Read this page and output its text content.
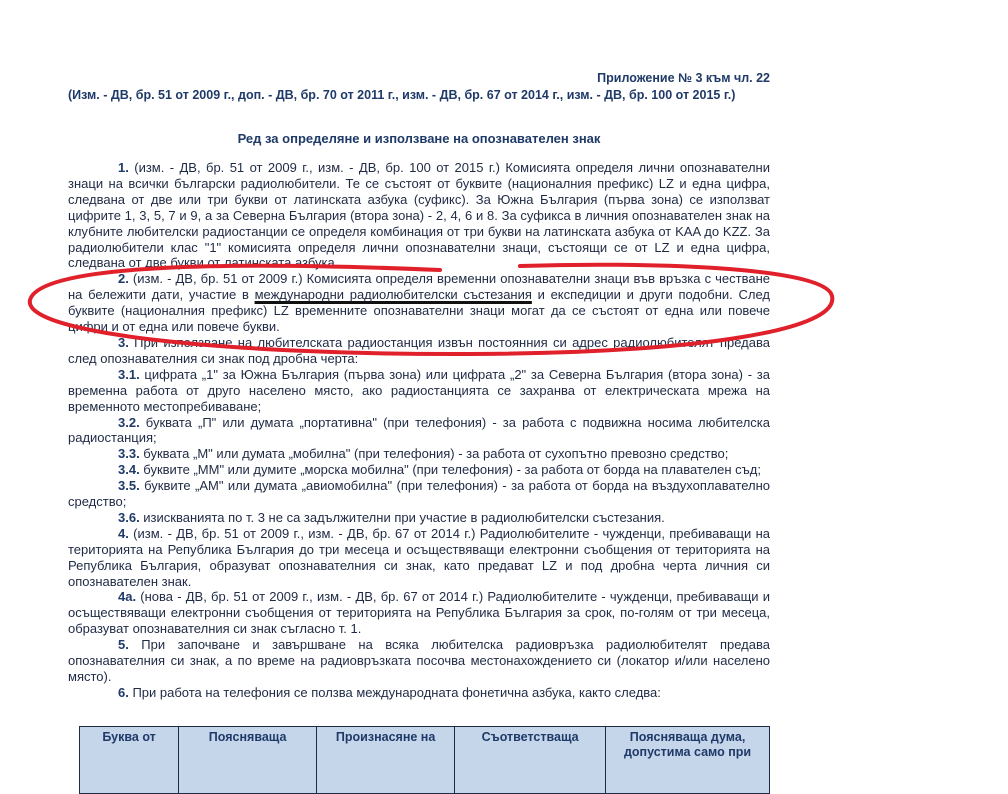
Приложение № 3 към чл. 22
(Изм. - ДВ, бр. 51 от 2009 г., доп. - ДВ, бр. 70 от 2011 г., изм. - ДВ, бр. 67 от 2014 г., изм. - ДВ, бр. 100 от 2015 г.)
Ред за определяне и използване на опознавателен знак

1. (изм. - ДВ, бр. 51 от 2009 г., изм. - ДВ, бр. 100 от 2015 г.) Комисията определя лични опознавателни знаци на всички български радиолюбители. Те се състоят от буквите (националния префикс) LZ и една цифра, следвана от две или три букви от латинската азбука (суфикс). За Южна България (първа зона) се използват цифрите 1, 3, 5, 7 и 9, а за Северна България (втора зона) - 2, 4, 6 и 8. За суфикса в личния опознавателен знак на клубните любителски радиостанции се определя комбинация от три букви на латинската азбука от KAA до KZZ. За радиолюбители клас "1" комисията определя лични опознавателни знаци, състоящи се от LZ и една цифра, следвана от две букви от латинската азбука.

2. (изм. - ДВ, бр. 51 от 2009 г.) Комисията определя временни опознавателни знаци във връзка с честване на бележити дати, участие в международни радиолюбителски състезания и експедиции и други подобни. След буквите (националния префикс) LZ временните опознавателни знаци могат да се състоят от една или повече цифри и от една или повече букви.

3. При използване на любителската радиостанция извън постоянния си адрес радиолюбителят предава след опознавателния си знак под дробна черта:

3.1. цифрата „1" за Южна България (първа зона) или цифрата „2" за Северна България (втора зона) - за временна работа от друго населено място, ако радиостанцията се захранва от електрическата мрежа на временното местопребиваване;

3.2. буквата „П" или думата „портативна" (при телефония) - за работа с подвижна носима любителска радиостанция;

3.3. буквата „М" или думата „мобилна" (при телефония) - за работа от сухопътно превозно средство;

3.4. буквите „ММ" или думите „морска мобилна" (при телефония) - за работа от борда на плавателен съд;

3.5. буквите „АМ" или думата „авиомобилна" (при телефония) - за работа от борда на въздухоплавателно средство;

3.6. изискванията по т. 3 не са задължителни при участие в радиолюбителски състезания.

4. (изм. - ДВ, бр. 51 от 2009 г., изм. - ДВ, бр. 67 от 2014 г.) Радиолюбителите - чужденци, пребиваващи на територията на Република България до три месеца и осъществяващи електронни съобщения от територията на Република България, образуват опознавателния си знак, като предават LZ и под дробна черта личния си опознавателен знак.

4а. (нова - ДВ, бр. 51 от 2009 г., изм. - ДВ, бр. 67 от 2014 г.) Радиолюбителите - чужденци, пребиваващи и осъществяващи електронни съобщения от територията на Република България за срок, по-голям от три месеца, образуват опознавателния си знак съгласно т. 1.

5. При започване и завършване на всяка любителска радиовръзка радиолюбителят предава опознавателния си знак, а по време на радиовръзката посочва местонахождението си (локатор и/или населено място).

6. При работа на телефония се ползва международната фонетична азбука, както следва:

Буква от	Поясняваща	Произнасяне на	Съответстваща	Поясняваща дума, допустима само при
